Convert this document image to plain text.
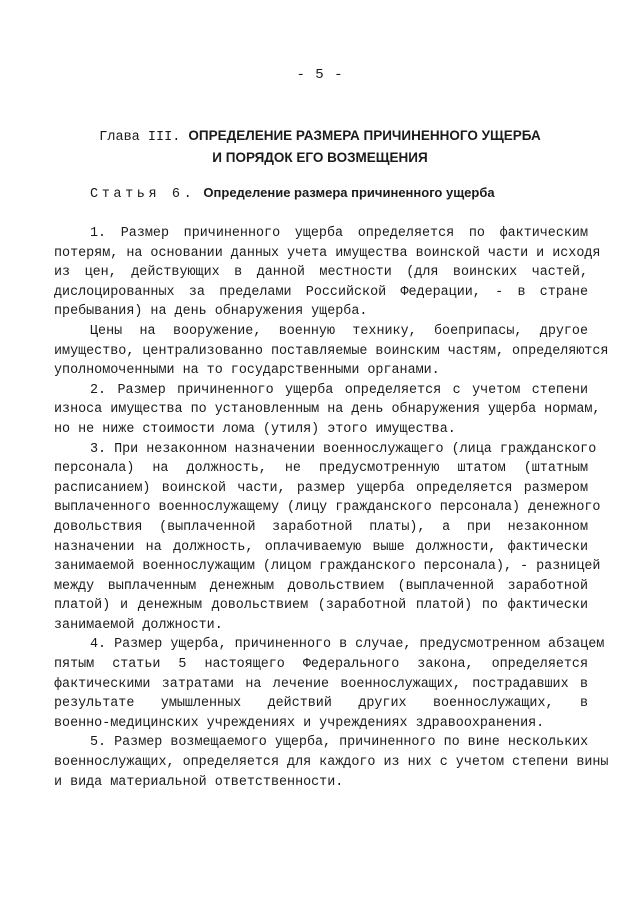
- 5 -
Глава III. ОПРЕДЕЛЕНИЕ РАЗМЕРА ПРИЧИНЕННОГО УЩЕРБА
И ПОРЯДОК ЕГО ВОЗМЕЩЕНИЯ
Статья 6. Определение размера причиненного ущерба
1. Размер причиненного ущерба определяется по фактическим
потерям, на основании данных учета имущества воинской части и исходя
из цен, действующих в данной местности (для воинских частей,
дислоцированных за пределами Российской Федерации, - в стране
пребывания) на день обнаружения ущерба.
Цены на вооружение, военную технику, боеприпасы, другое
имущество, централизованно поставляемые воинским частям, определяются
уполномоченными на то государственными органами.
2. Размер причиненного ущерба определяется с учетом степени
износа имущества по установленным на день обнаружения ущерба нормам,
но не ниже стоимости лома (утиля) этого имущества.
3. При незаконном назначении военнослужащего (лица гражданского
персонала) на должность, не предусмотренную штатом (штатным
расписанием) воинской части, размер ущерба определяется размером
выплаченного военнослужащему (лицу гражданского персонала) денежного
довольствия (выплаченной заработной платы), а при незаконном
назначении на должность, оплачиваемую выше должности, фактически
занимаемой военнослужащим (лицом гражданского персонала), - разницей
между выплаченным денежным довольствием (выплаченной заработной
платой) и денежным довольствием (заработной платой) по фактически
занимаемой должности.
4. Размер ущерба, причиненного в случае, предусмотренном абзацем
пятым статьи 5 настоящего Федерального закона, определяется
фактическими затратами на лечение военнослужащих, пострадавших в
результате умышленных действий других военнослужащих, в
военно-медицинских учреждениях и учреждениях здравоохранения.
5. Размер возмещаемого ущерба, причиненного по вине нескольких
военнослужащих, определяется для каждого из них с учетом степени вины
и вида материальной ответственности.
